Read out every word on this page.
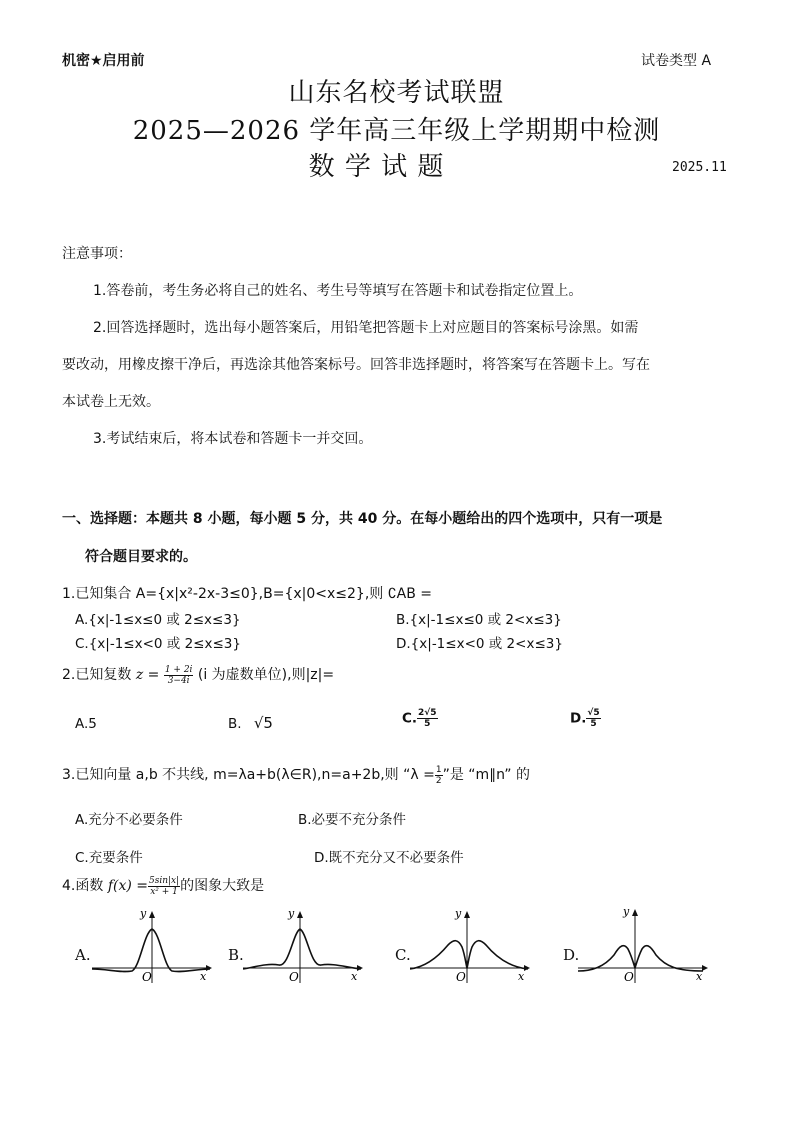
机密★启用前	试卷类型 A
山东名校考试联盟
2025—2026 学年高三年级上学期期中检测
数 学 试 题	2025.11
注意事项：
1.答卷前，考生务必将自己的姓名、考生号等填写在答题卡和试卷指定位置上。
2.回答选择题时，选出每小题答案后，用铅笔把答题卡上对应题目的答案标号涂黑。如需
要改动，用橡皮擦干净后，再选涂其他答案标号。回答非选择题时，将答案写在答题卡上。写在
本试卷上无效。
3.考试结束后，将本试卷和答题卡一并交回。
一、选择题：本题共 8 小题，每小题 5 分，共 40 分。在每小题给出的四个选项中，只有一项是
符合题目要求的。
1.已知集合 A={x|x²-2x-3≤0},B={x|0<x≤2},则 ∁AB =
A.{x|-1≤x≤0 或 2≤x≤3}	B.{x|-1≤x≤0 或 2<x≤3}
C.{x|-1≤x<0 或 2≤x≤3}	D.{x|-1≤x<0 或 2<x≤3}
2.已知复数 $z = \frac{1 + 2i}{3-4i} (i$ 为虚数单位),则|z|=
A.5	B. √5	C. $\frac{2√5}{5}$	D. $\frac{√5}{5}$
3.已知向量 a,b 不共线, m=λa+b(λ∈R),n=a+2b,则 “$\lambda = \frac{1}{2}$ ”是 “m∥n” 的
A.充分不必要条件	B.必要不充分条件
C.充要条件	D.既不充分又不必要条件
4.函数 $f(x) = \frac{5\sin|x|}{\text{x² + 1}}$ 的图象大致是
A.	B.	C.	D.
y
x
O
y
x
O
y
x
O
y
x
O
